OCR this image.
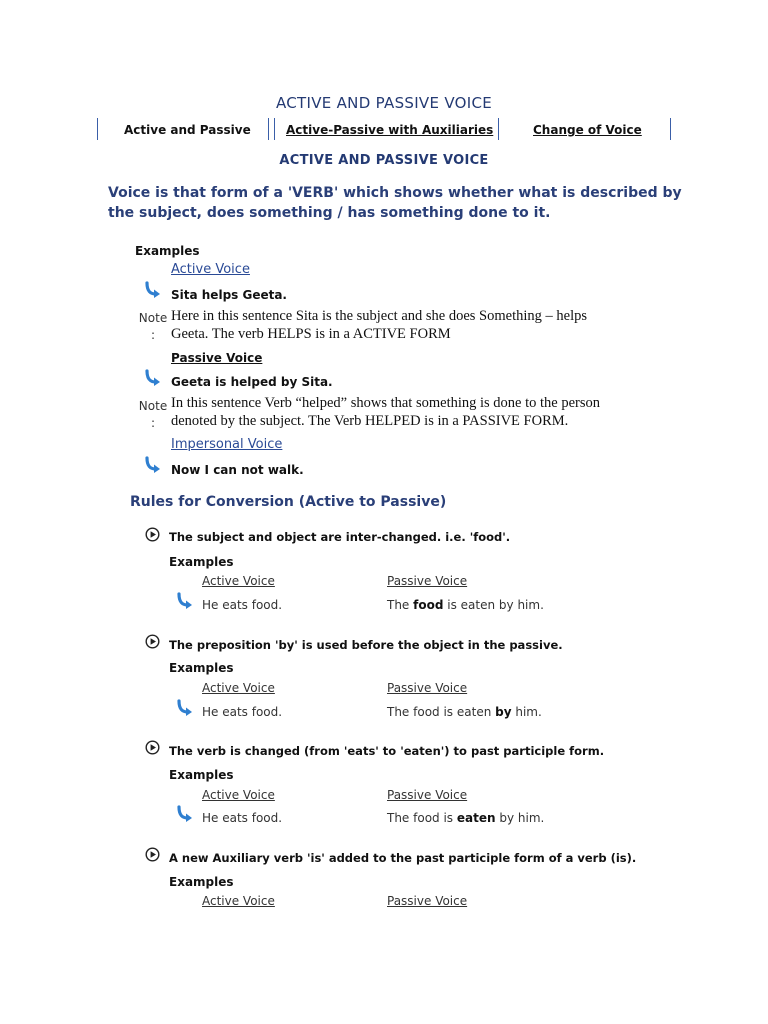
ACTIVE AND PASSIVE VOICE
Active and Passive	Active-Passive with Auxiliaries	Change of Voice
ACTIVE AND PASSIVE VOICE
Voice is that form of a 'VERB' which shows whether what is described by the subject, does something / has something done to it.
Examples
Active Voice
Sita helps Geeta.
Note
:
Here in this sentence Sita is the subject and she does Something – helps Geeta. The verb HELPS is in a ACTIVE FORM
Passive Voice
Geeta is helped by Sita.
Note
:
In this sentence Verb “helped” shows that something is done to the person denoted by the subject. The Verb HELPED is in a PASSIVE FORM.
Impersonal Voice
Now I can not walk.
Rules for Conversion (Active to Passive)
The subject and object are inter-changed. i.e. 'food'.
Examples
Active Voice	Passive Voice
He eats food.	The food is eaten by him.
The preposition 'by' is used before the object in the passive.
Examples
Active Voice	Passive Voice
He eats food.	The food is eaten by him.
The verb is changed (from 'eats' to 'eaten') to past participle form.
Examples
Active Voice	Passive Voice
He eats food.	The food is eaten by him.
A new Auxiliary verb 'is' added to the past participle form of a verb (is).
Examples
Active Voice	Passive Voice
